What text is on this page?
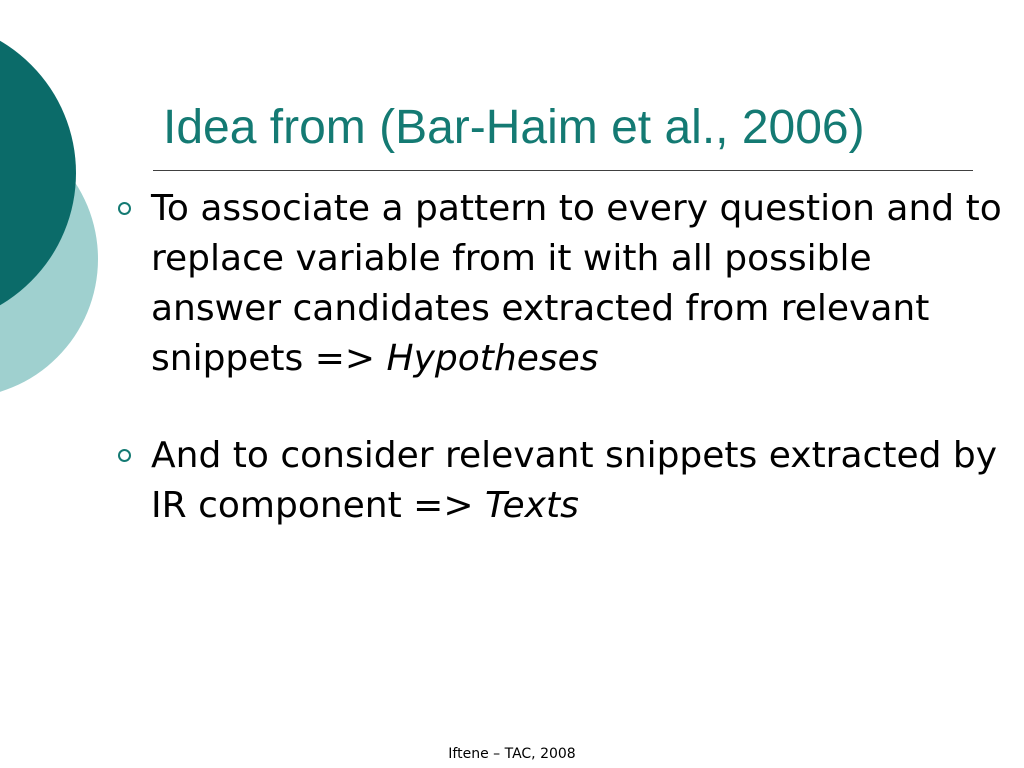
Idea from (Bar-Haim et al., 2006)
To associate a pattern to every question and to replace variable from it with all possible answer candidates extracted from relevant snippets => Hypotheses
And to consider relevant snippets extracted by IR component => Texts
Iftene – TAC, 2008
